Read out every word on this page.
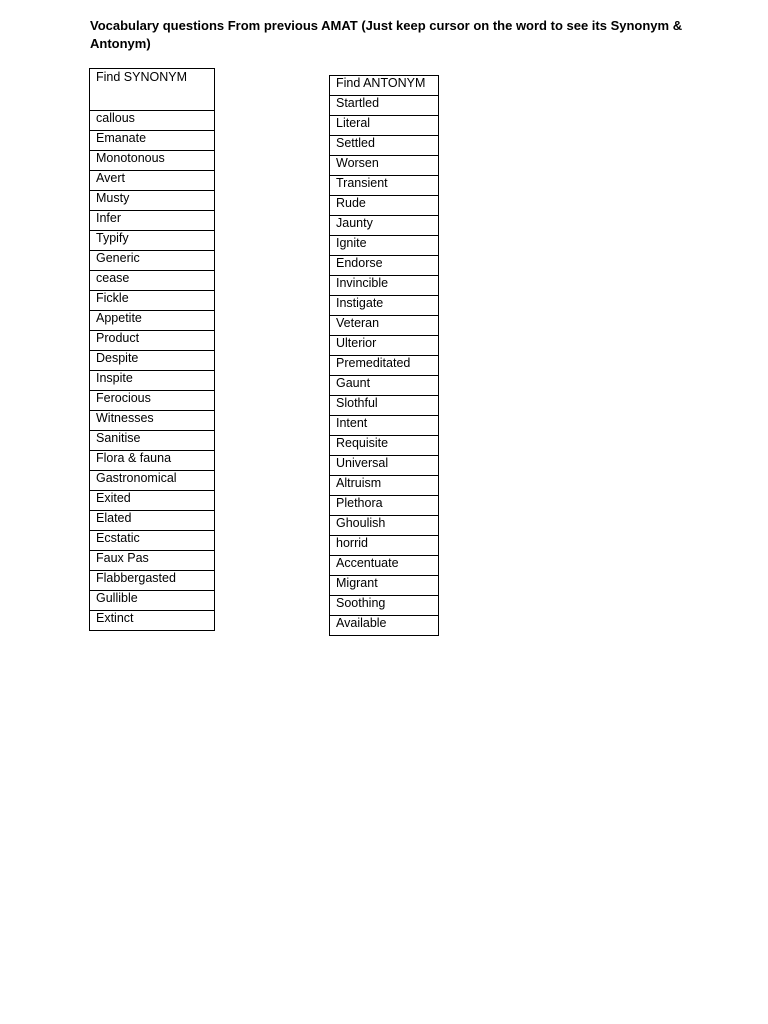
Vocabulary questions From previous AMAT (Just keep cursor on the word to see its Synonym & Antonym)

Find SYNONYM
callous
Emanate
Monotonous
Avert
Musty
Infer
Typify
Generic
cease
Fickle
Appetite
Product
Despite
Inspite
Ferocious
Witnesses
Sanitise
Flora & fauna
Gastronomical
Exited
Elated
Ecstatic
Faux Pas
Flabbergasted
Gullible
Extinct
Find ANTONYM
Startled
Literal
Settled
Worsen
Transient
Rude
Jaunty
Ignite
Endorse
Invincible
Instigate
Veteran
Ulterior
Premeditated
Gaunt
Slothful
Intent
Requisite
Universal
Altruism
Plethora
Ghoulish
horrid
Accentuate
Migrant
Soothing
Available
